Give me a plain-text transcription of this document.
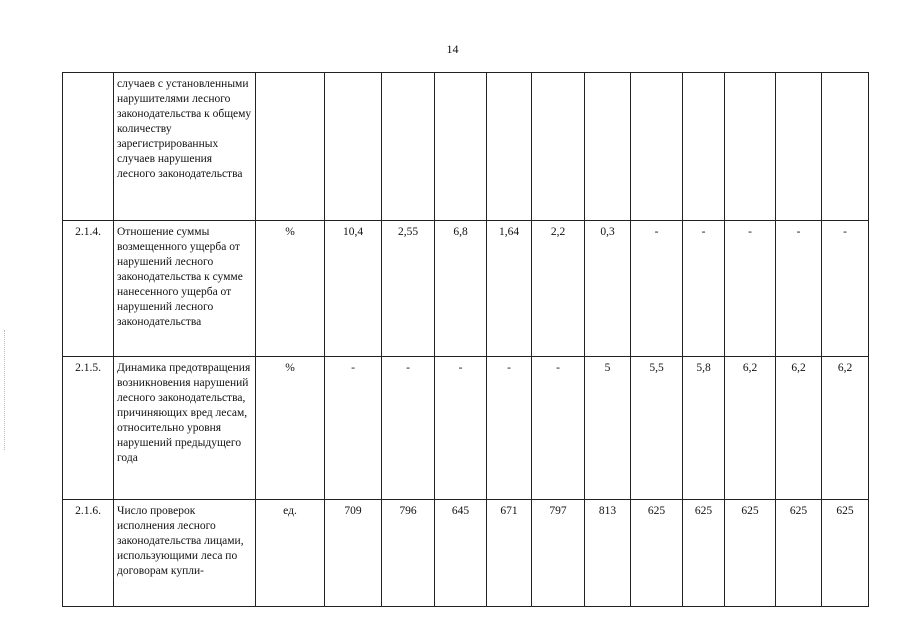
14
	случаев с установленными нарушителями лесного законодательства к общему количеству зарегистрированных случаев нарушения лесного законодательства												
2.1.4.	Отношение суммы возмещенного ущерба от нарушений лесного законодательства к сумме нанесенного ущерба от нарушений лесного законодательства	%	10,4	2,55	6,8	1,64	2,2	0,3	-	-	-	-	-
2.1.5.	Динамика предотвращения возникновения нарушений лесного законодательства, причиняющих вред лесам, относительно уровня нарушений предыдущего года	%	-	-	-	-	-	5	5,5	5,8	6,2	6,2	6,2
2.1.6.	Число проверок исполнения лесного законодательства лицами, использующими леса по договорам купли-	ед.	709	796	645	671	797	813	625	625	625	625	625
